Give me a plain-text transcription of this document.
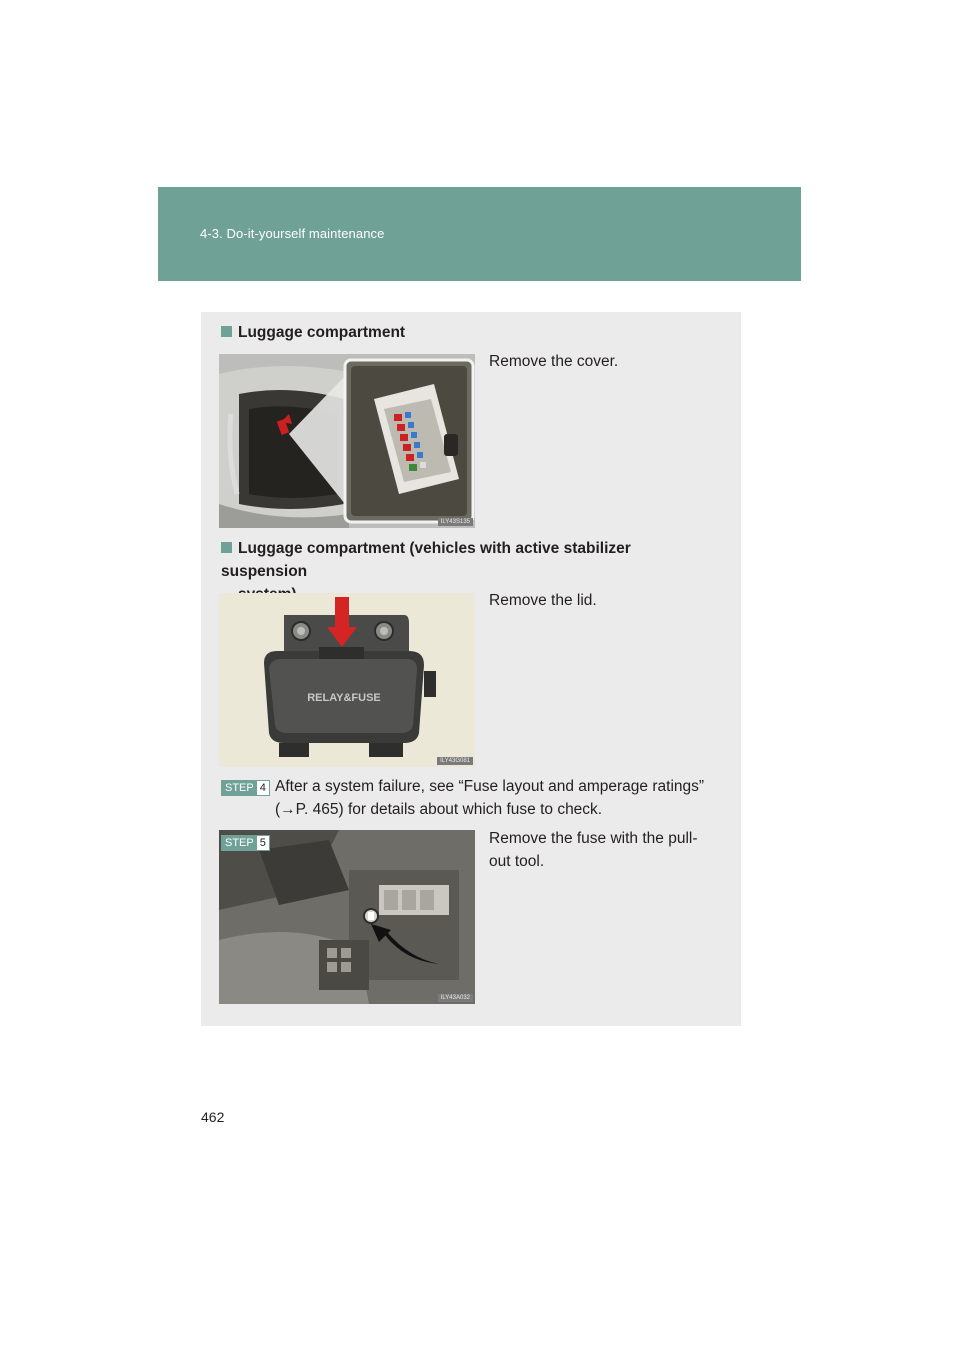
4-3. Do-it-yourself maintenance
Luggage compartment
Remove the cover.
ILY43S135
Luggage compartment (vehicles with active stabilizer suspension
Remove the lid.
RELAY&FUSE
ILY43G081
STEP 4 After a system failure, see “Fuse layout and amperage ratings”
(→P. 465) for details about which fuse to check.
Remove the fuse with the pull-
out tool.
STEP 5
ILY43A032
462
